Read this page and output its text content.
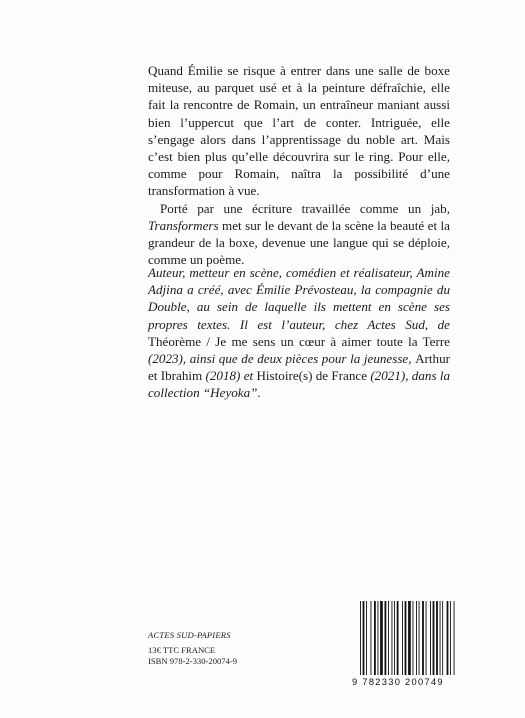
Quand Émilie se risque à entrer dans une salle de boxe miteuse, au parquet usé et à la peinture défraîchie, elle fait la rencontre de Romain, un entraîneur maniant aussi bien l’uppercut que l’art de conter. Intriguée, elle s’engage alors dans l’apprentissage du noble art. Mais c’est bien plus qu’elle découvrira sur le ring. Pour elle, comme pour Romain, naîtra la possibilité d’une transformation à vue.

Porté par une écriture travaillée comme un jab, Transformers met sur le devant de la scène la beauté et la grandeur de la boxe, devenue une langue qui se déploie, comme un poème.

Auteur, metteur en scène, comédien et réalisateur, Amine Adjina a créé, avec Émilie Prévosteau, la compagnie du Double, au sein de laquelle ils mettent en scène ses propres textes. Il est l’auteur, chez Actes Sud, de Théorème / Je me sens un cœur à aimer toute la Terre (2023), ainsi que de deux pièces pour la jeunesse, Arthur et Ibrahim (2018) et Histoire(s) de France (2021), dans la collection “Heyoka”.
ACTES SUD-PAPIERS
13€ TTC FRANCE
ISBN 978-2-330-20074-9
9 782330 200749
